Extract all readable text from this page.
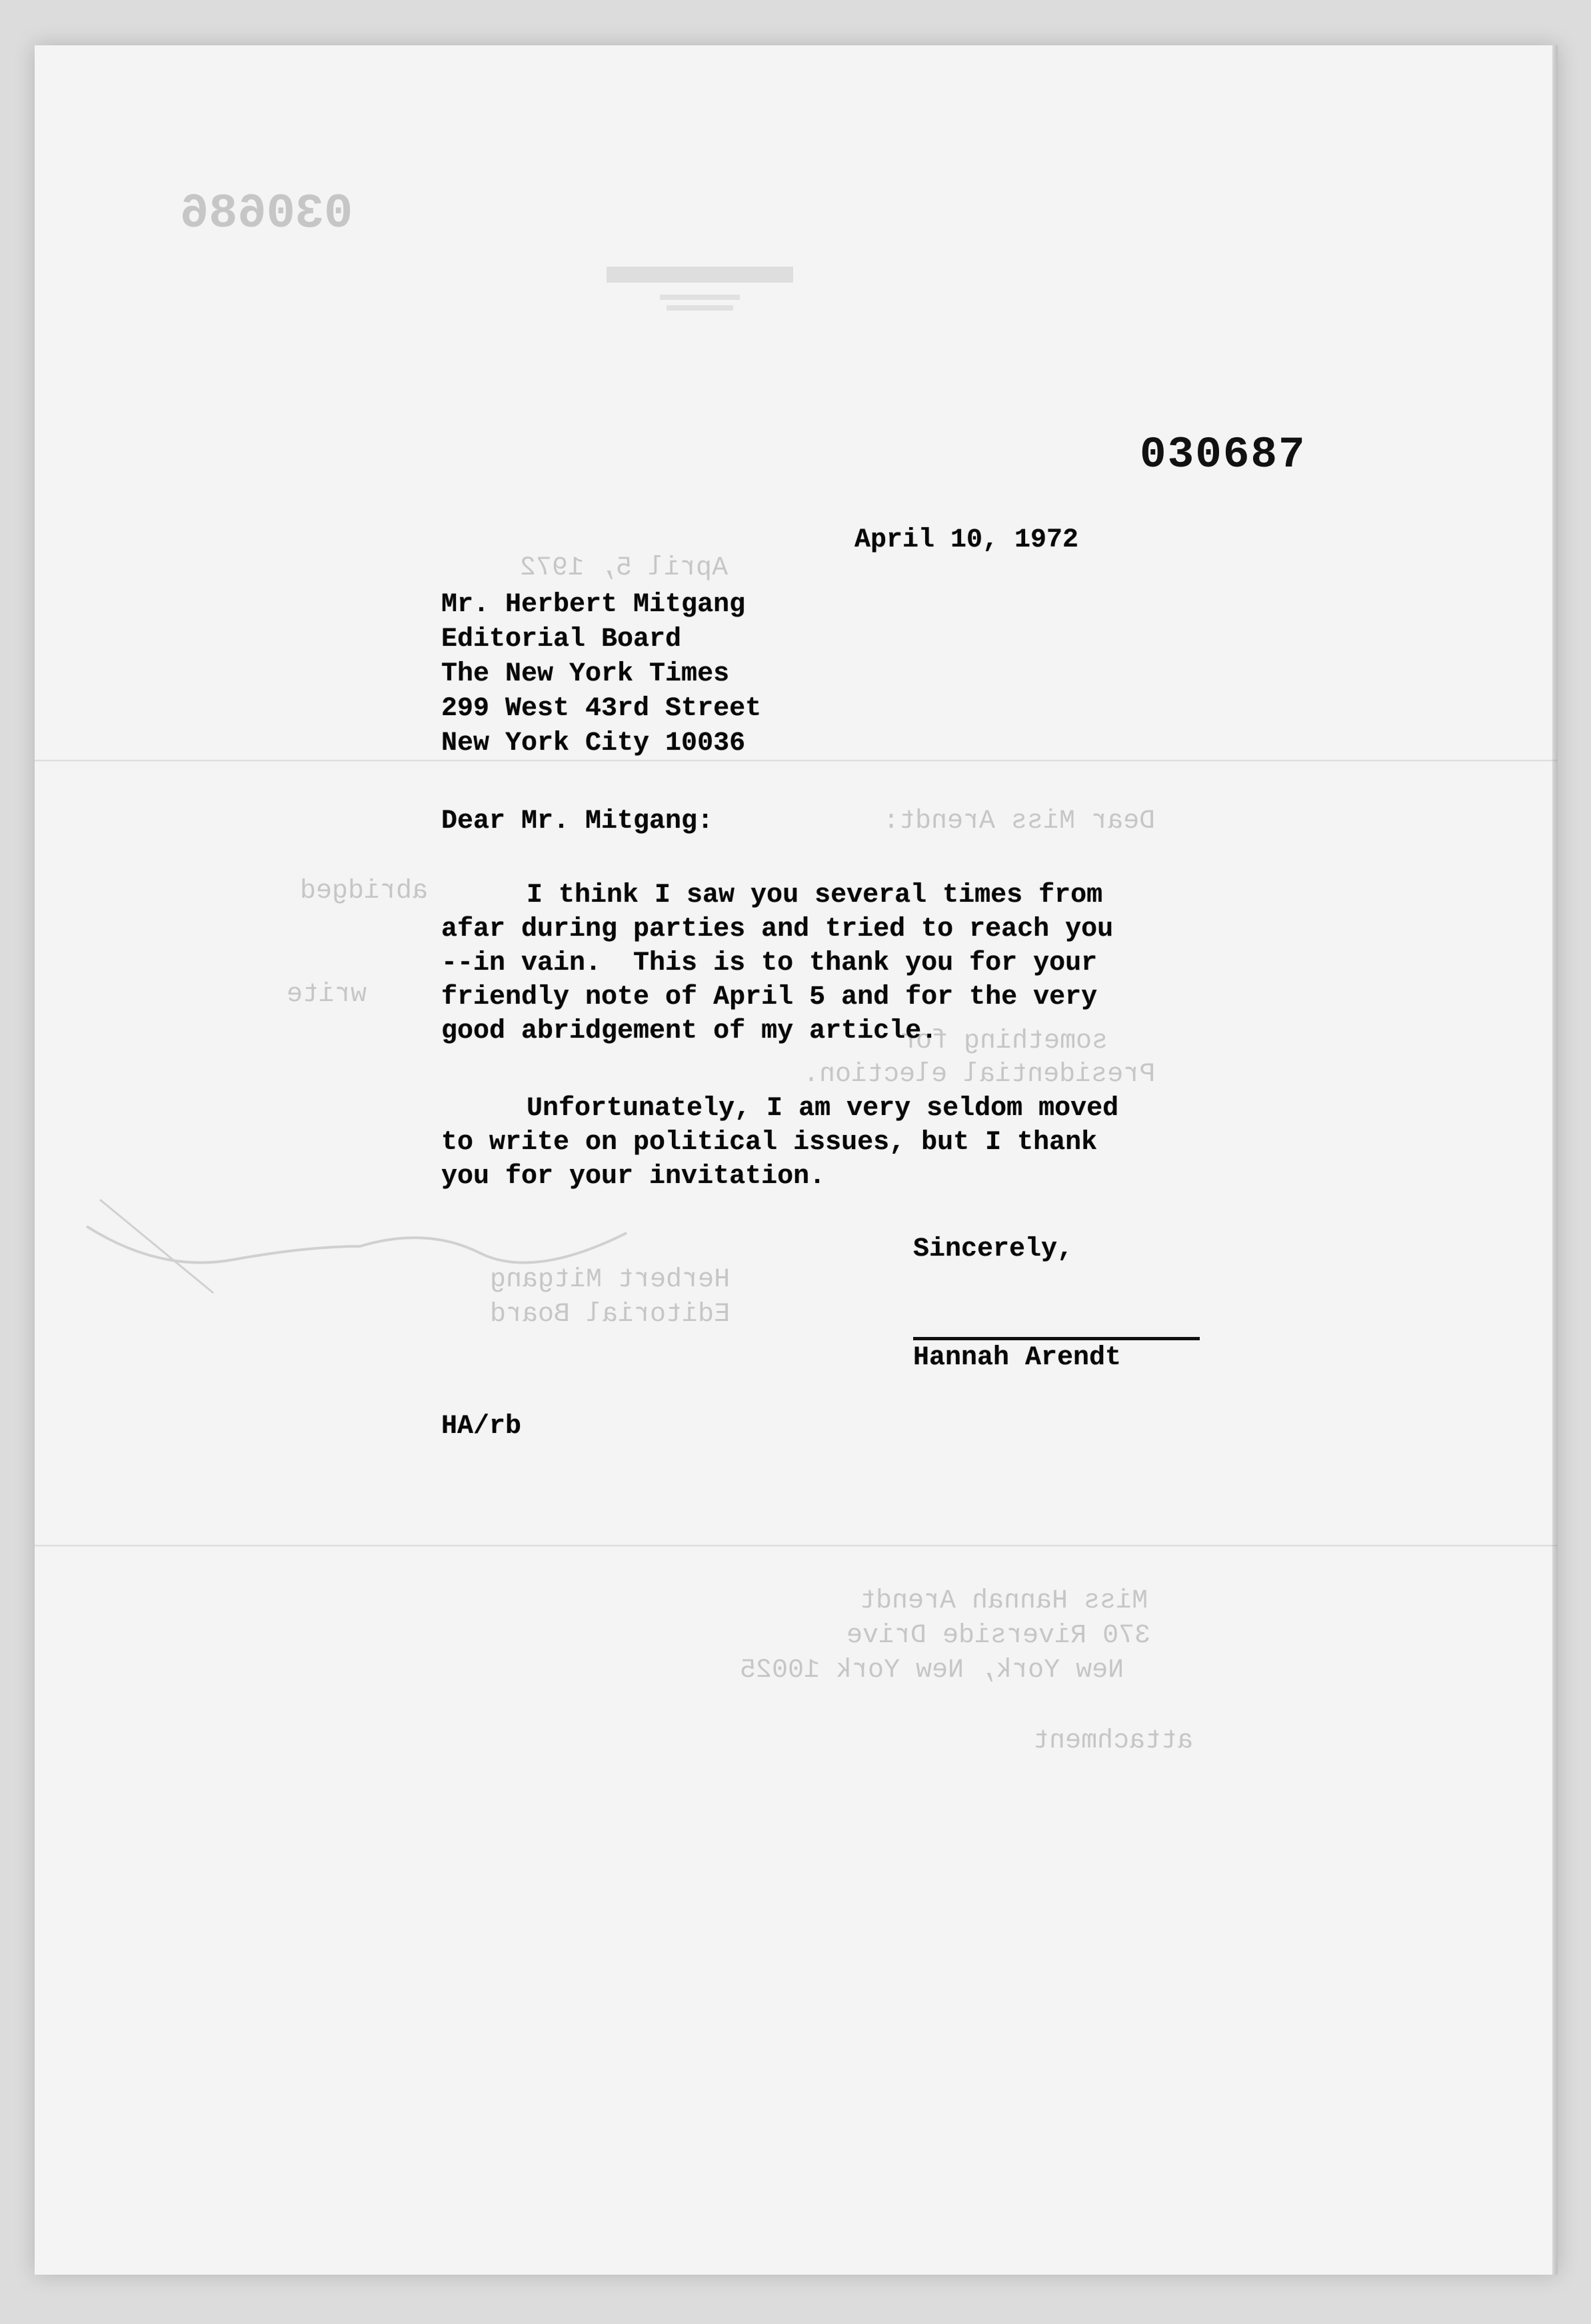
030686
April 5, 1972
Dear Miss Arendt:
abridged
write
something for
Presidential election.
Herbert Mitgang
Editorial Board
Miss Hannah Arendt
370 Riverside Drive
New York, New York 10025
attachment
030687
April 10, 1972
Mr. Herbert Mitgang
Editorial Board
The New York Times
299 West 43rd Street
New York City 10036
Dear Mr. Mitgang:
I think I saw you several times from
afar during parties and tried to reach you
--in vain.  This is to thank you for your
friendly note of April 5 and for the very
good abridgement of my article.
Unfortunately, I am very seldom moved
to write on political issues, but I thank
you for your invitation.
Sincerely,
Hannah Arendt
HA/rb
